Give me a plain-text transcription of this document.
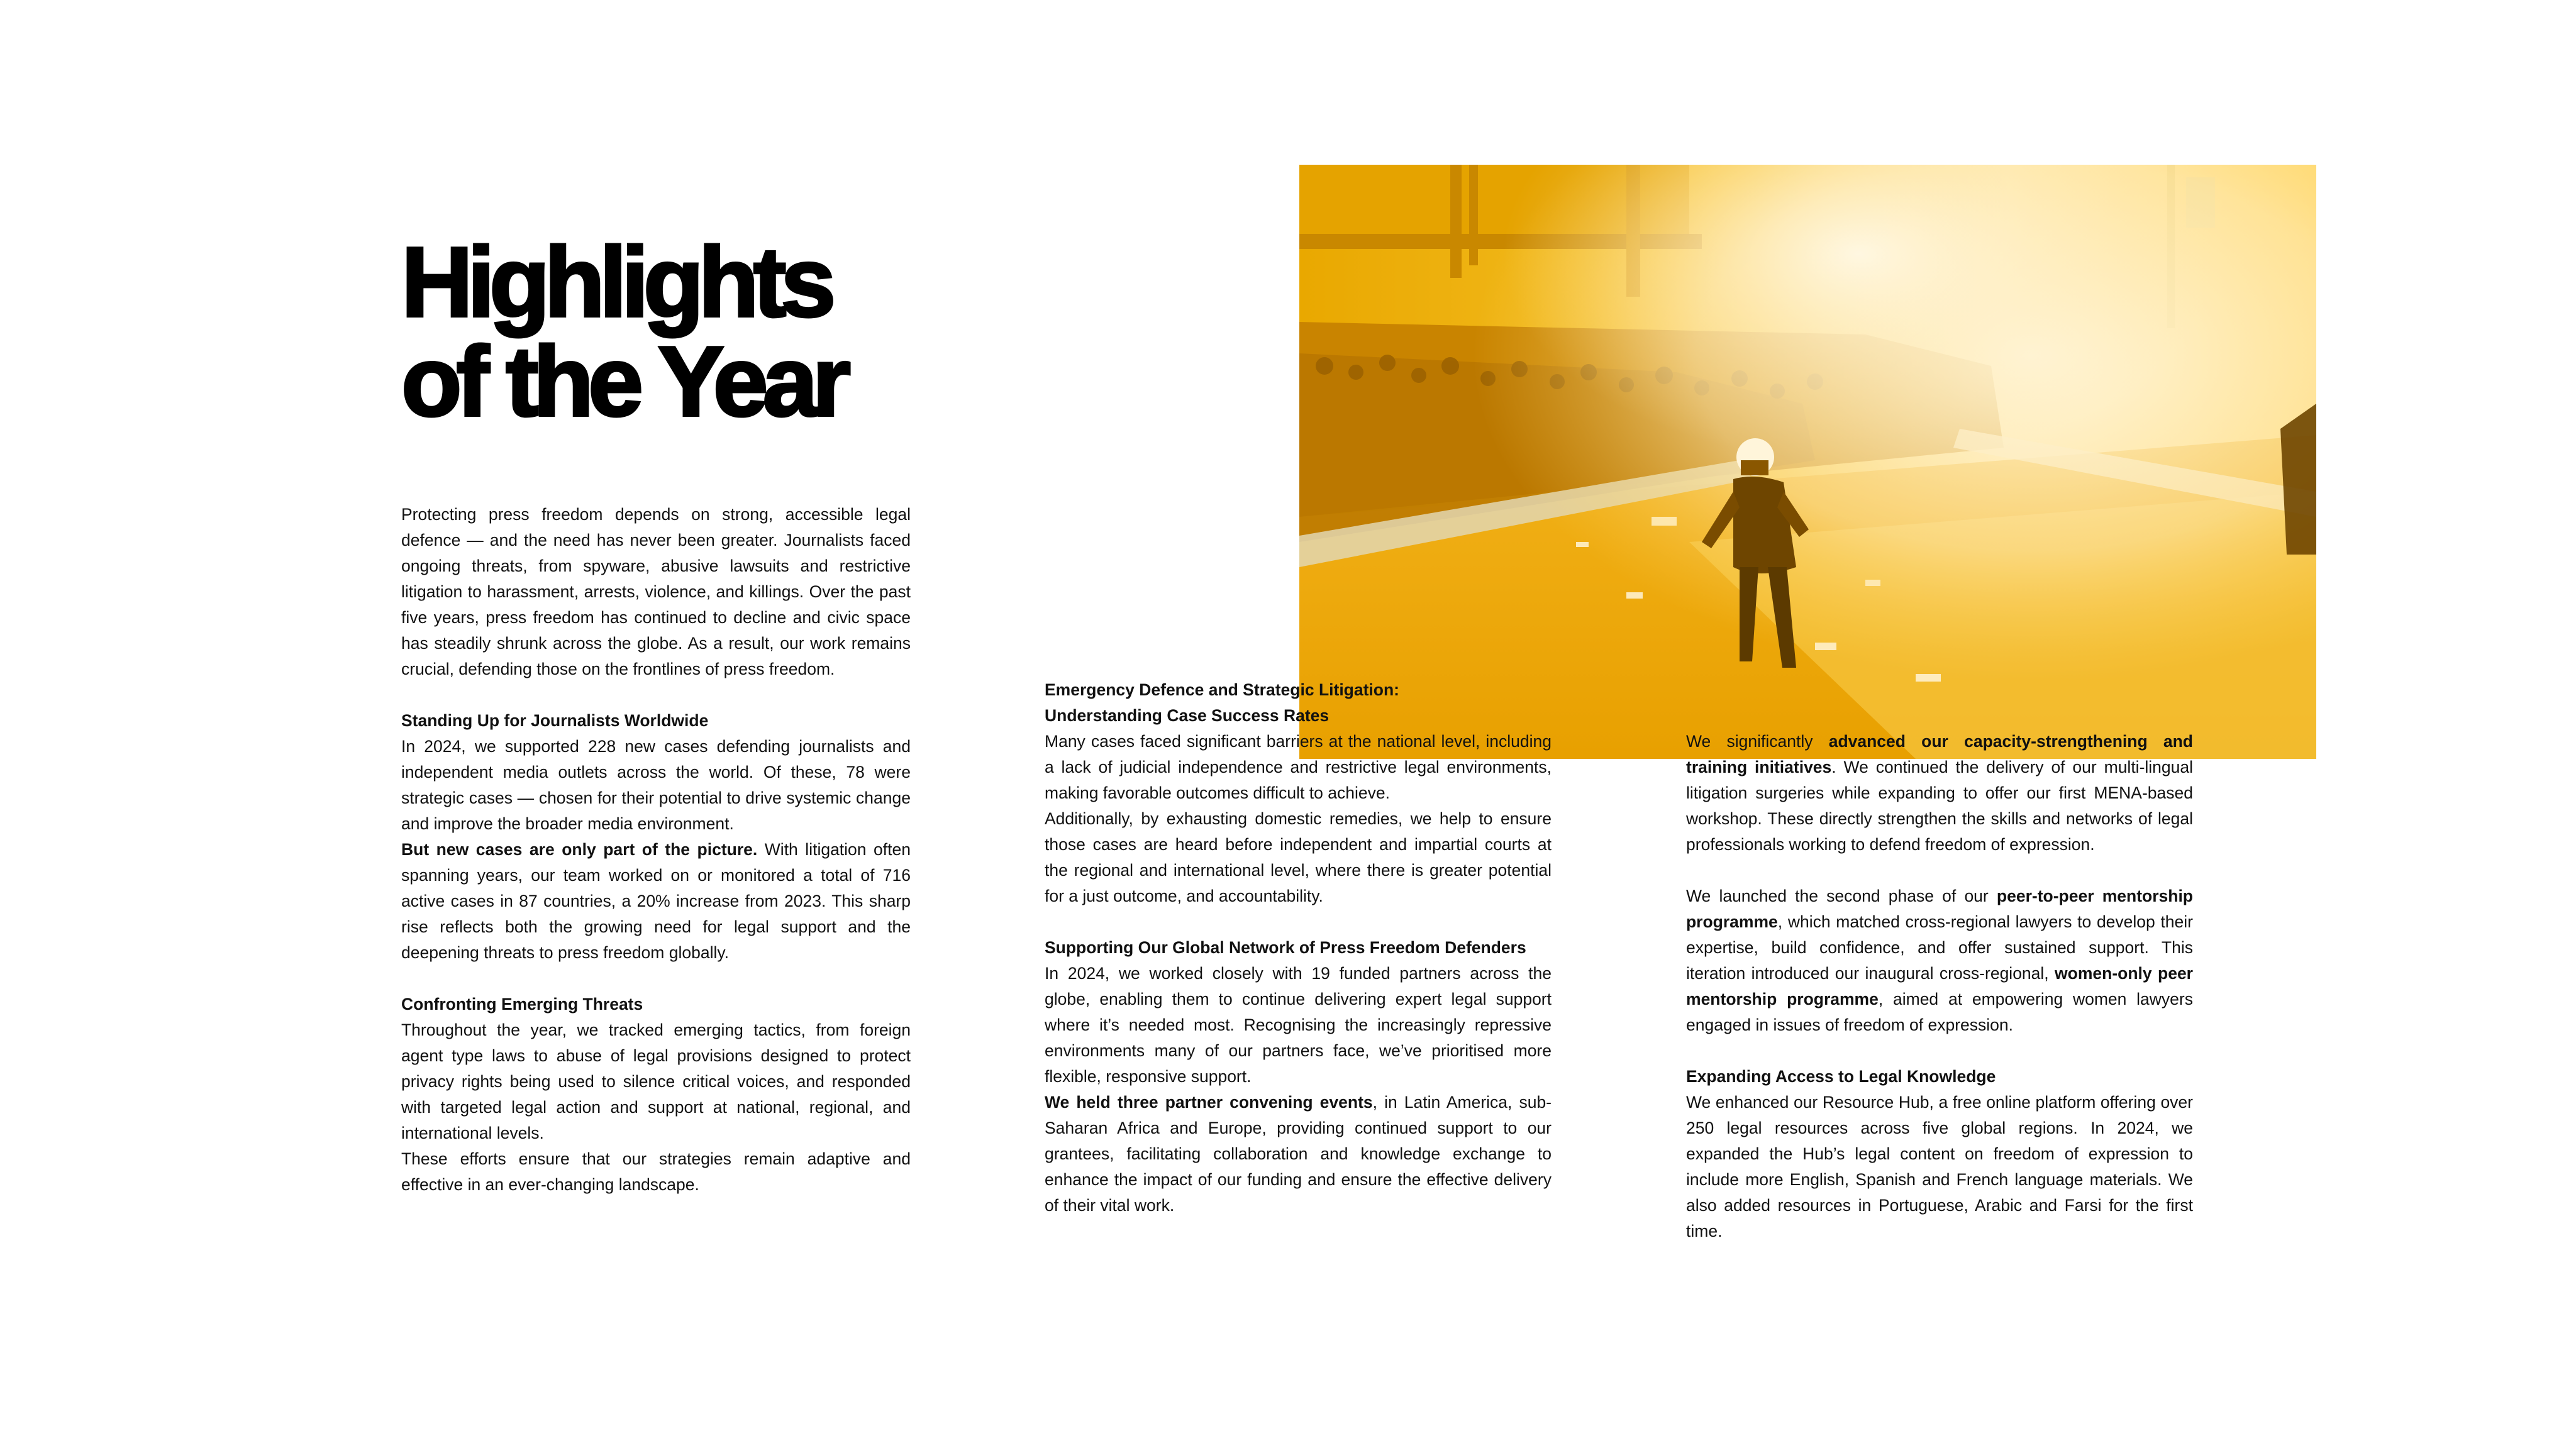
Highlights
of the Year

Protecting press freedom depends on strong, accessible legal defence — and the need has never been greater. Journalists faced ongoing threats, from spyware, abusive lawsuits and restrictive litigation to harassment, arrests, violence, and killings. Over the past five years, press freedom has continued to decline and civic space has steadily shrunk across the globe. As a result, our work remains crucial, defending those on the frontlines of press freedom.

Standing Up for Journalists Worldwide

In 2024, we supported 228 new cases defending journalists and independent media outlets across the world. Of these, 78 were strategic cases — chosen for their potential to drive systemic change and improve the broader media environment.

But new cases are only part of the picture. With litigation often spanning years, our team worked on or monitored a total of 716 active cases in 87 countries, a 20% increase from 2023. This sharp rise reflects both the growing need for legal support and the deepening threats to press freedom globally.

Confronting Emerging Threats

Throughout the year, we tracked emerging tactics, from foreign agent type laws to abuse of legal provisions designed to protect privacy rights being used to silence critical voices, and responded with targeted legal action and support at national, regional, and international levels.

These efforts ensure that our strategies remain adaptive and effective in an ever-changing landscape.

Emergency Defence and Strategic Litigation:
Understanding Case Success Rates

Many cases faced significant barriers at the national level, including a lack of judicial independence and restrictive legal environments, making favorable outcomes difficult to achieve.

Additionally, by exhausting domestic remedies, we help to ensure those cases are heard before independent and impartial courts at the regional and international level, where there is greater potential for a just outcome, and accountability.

Supporting Our Global Network of Press Freedom Defenders

In 2024, we worked closely with 19 funded partners across the globe, enabling them to continue delivering expert legal support where it’s needed most. Recognising the increasingly repressive environments many of our partners face, we’ve prioritised more flexible, responsive support.

We held three partner convening events, in Latin America, sub-Saharan Africa and Europe, providing continued support to our grantees, facilitating collaboration and knowledge exchange to enhance the impact of our funding and ensure the effective delivery of their vital work.

We significantly advanced our capacity-strengthening and training initiatives. We continued the delivery of our multi-lingual litigation surgeries while expanding to offer our first MENA-based workshop. These directly strengthen the skills and networks of legal professionals working to defend freedom of expression.

We launched the second phase of our peer-to-peer mentorship programme, which matched cross-regional lawyers to develop their expertise, build confidence, and offer sustained support. This iteration introduced our inaugural cross-regional, women-only peer mentorship programme, aimed at empowering women lawyers engaged in issues of freedom of expression.

Expanding Access to Legal Knowledge

We enhanced our Resource Hub, a free online platform offering over 250 legal resources across five global regions. In 2024, we expanded the Hub’s legal content on freedom of expression to include more English, Spanish and French language materials. We also added resources in Portuguese, Arabic and Farsi for the first time.
